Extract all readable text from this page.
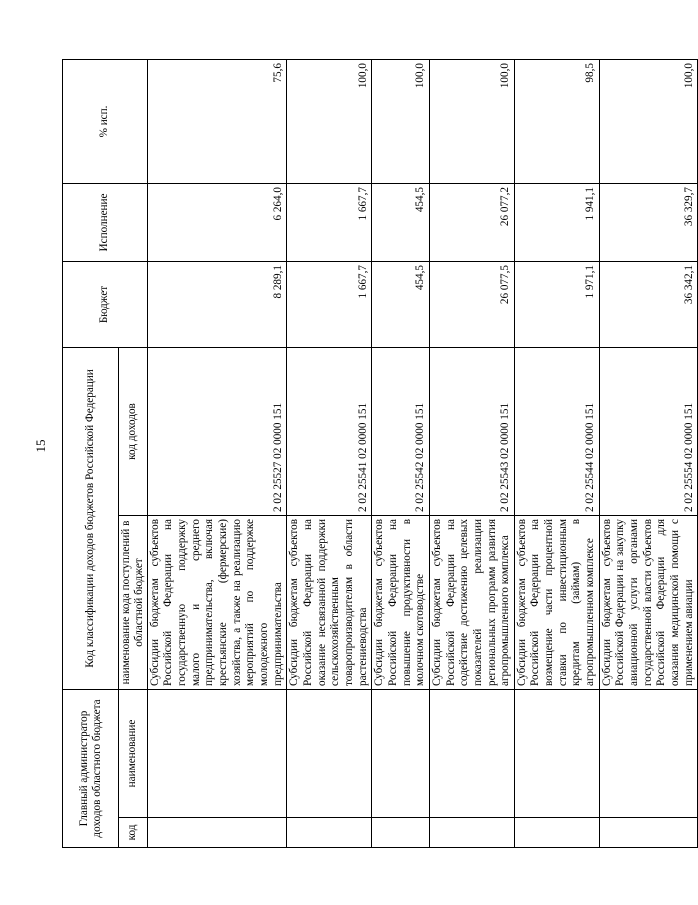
15
Главный администратор доходов областного бюджета		Код классификации доходов бюджетов Российской Федерации		Бюджет	Исполнение	% исп.
код	наименование	наименование кода поступлений в областной бюджет	код доходов			
		Субсидии бюджетам субъектов Российской Федерации на государственную поддержку малого и среднего предпринимательства, включая крестьянские (фермерские) хозяйства, а также на реализацию мероприятий по поддержке молодежного предпринимательства	2 02 25527 02 0000 151	8 289,1	6 264,0	75,6
		Субсидии бюджетам субъектов Российской Федерации на оказание несвязанной поддержки сельскохозяйственным товаропроизводителям в области растениеводства	2 02 25541 02 0000 151	1 667,7	1 667,7	100,0
		Субсидии бюджетам субъектов Российской Федерации на повышение продуктивности в молочном скотоводстве	2 02 25542 02 0000 151	454,5	454,5	100,0
		Субсидии бюджетам субъектов Российской Федерации на содействие достижению целевых показателей реализации региональных программ развития агропромышленного комплекса	2 02 25543 02 0000 151	26 077,5	26 077,2	100,0
		Субсидии бюджетам субъектов Российской Федерации на возмещение части процентной ставки по инвестиционным кредитам (займам) в агропромышленном комплексе	2 02 25544 02 0000 151	1 971,1	1 941,1	98,5
		Субсидии бюджетам субъектов Российской Федерации на закупку авиационной услуги органами государственной власти субъектов Российской Федерации для оказания медицинской помощи с применением авиации	2 02 25554 02 0000 151	36 342,1	36 329,7	100,0
